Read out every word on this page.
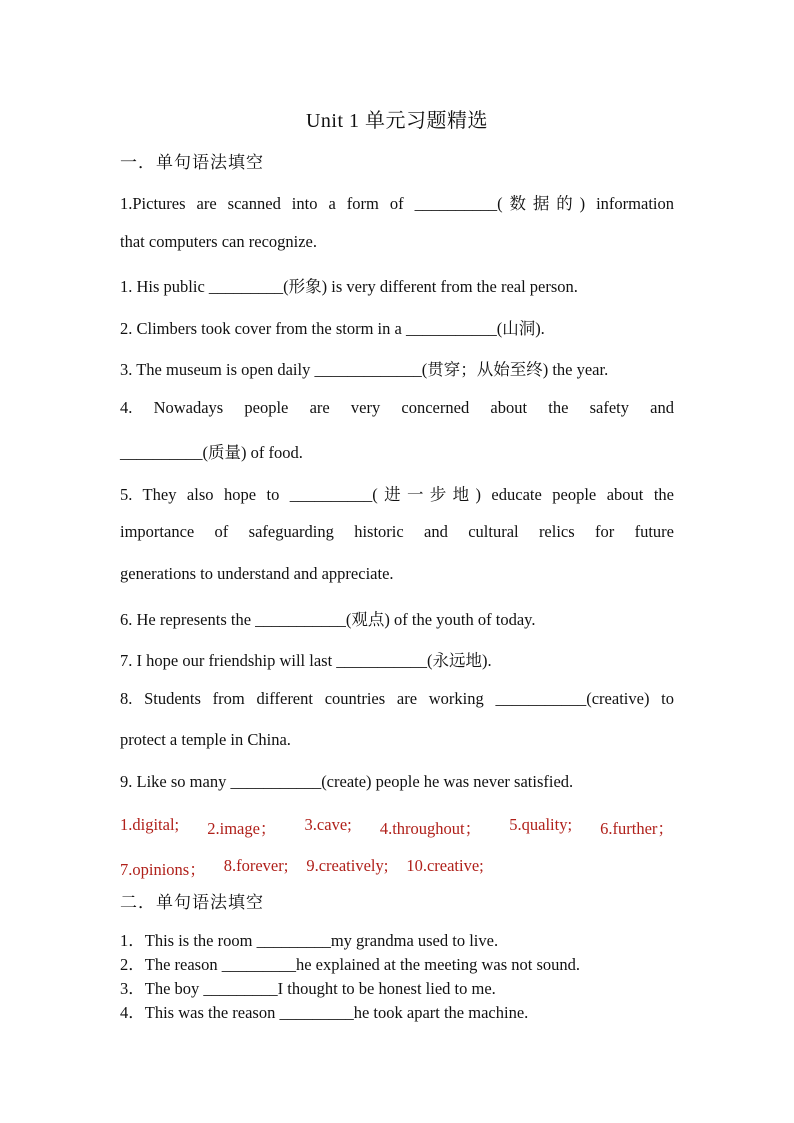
Unit 1 单元习题精选
一．单句语法填空
1.Pictures are scanned into a form of __________(数据的) information
that computers can recognize.
1. His public _________(形象) is very different from the real person.
2. Climbers took cover from the storm in a ___________(山洞).
3. The museum is open daily _____________(贯穿；从始至终) the year.
4. Nowadays people are very concerned about the safety and
__________(质量) of food.
5. They also hope to __________(进一步地) educate people about the
importance of safeguarding historic and cultural relics for future
generations to understand and appreciate.
6. He represents the ___________(观点) of the youth of today.
7. I hope our friendship will last ___________(永远地).
8. Students from different countries are working ___________(creative) to
protect a temple in China.
9. Like so many ___________(create) people he was never satisfied.
1.digital; 2.image； 3.cave; 4.throughout； 5.quality; 6.further；
7.opinions； 8.forever; 9.creatively; 10.creative;
二．单句语法填空
1．This is the room _________my grandma used to live.
2．The reason _________he explained at the meeting was not sound.
3．The boy _________I thought to be honest lied to me.
4．This was the reason _________he took apart the machine.
